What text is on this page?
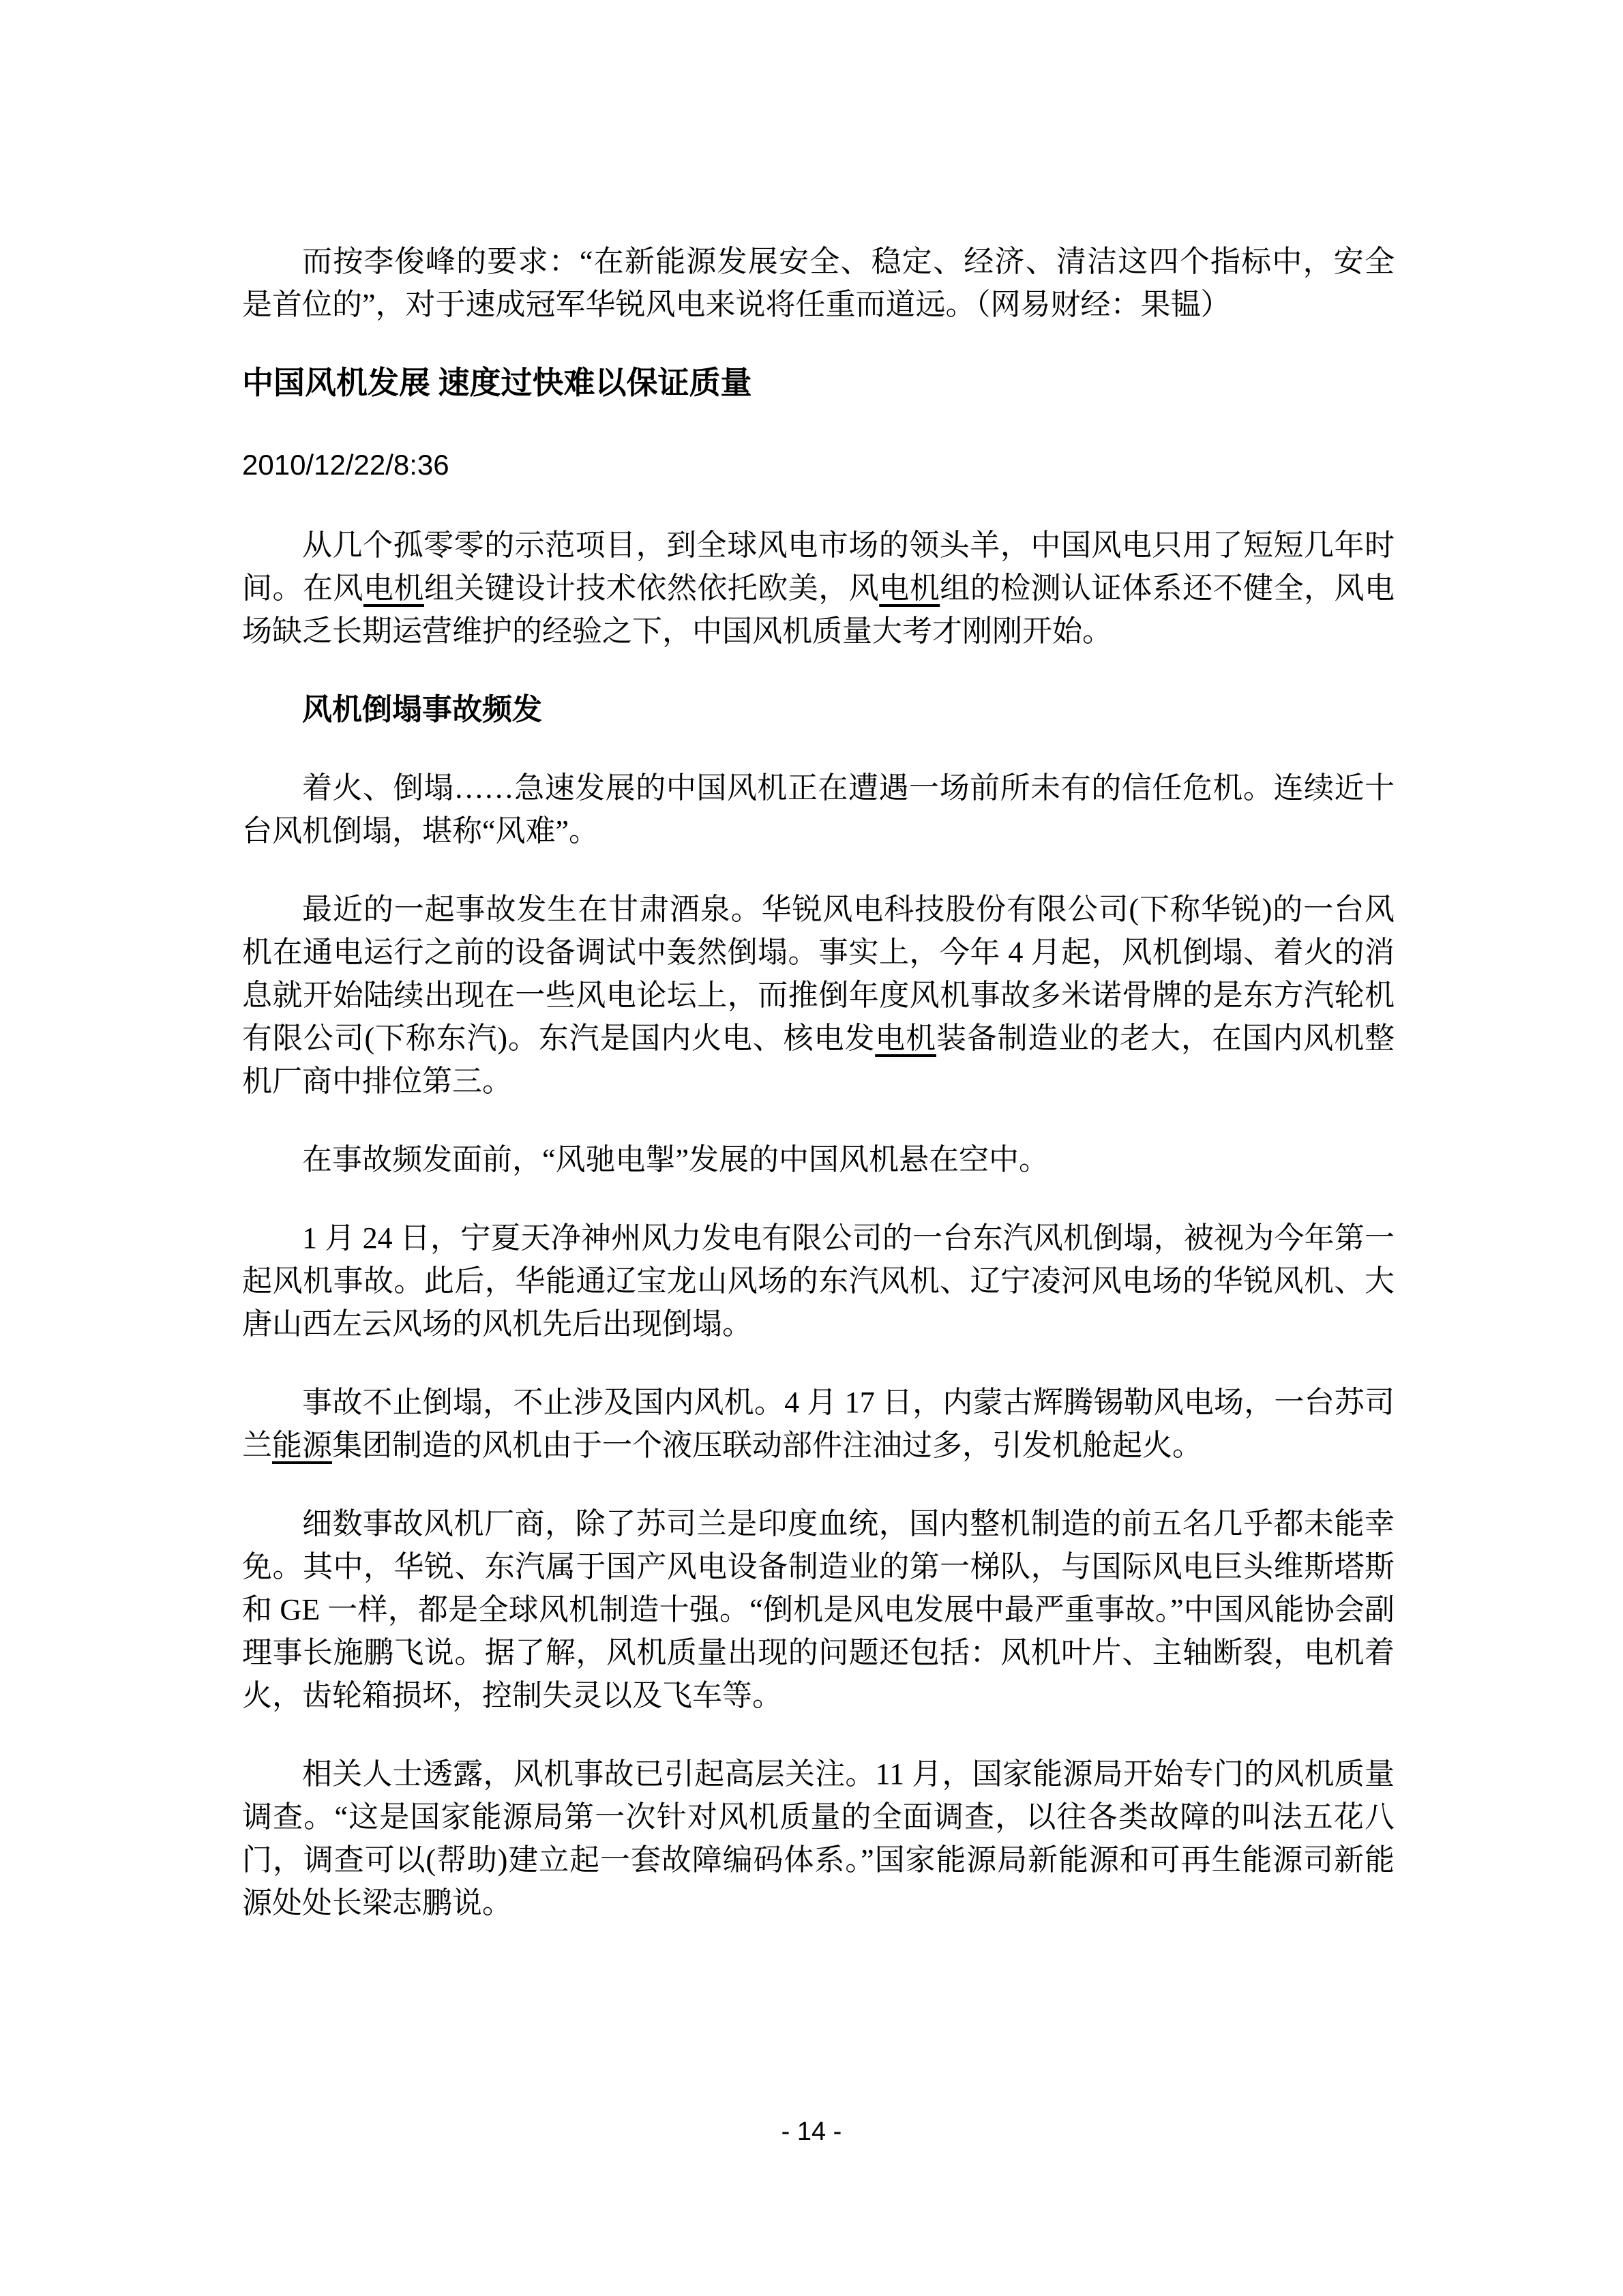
而按李俊峰的要求：“在新能源发展安全、稳定、经济、清洁这四个指标中，安全是首位的”，对于速成冠军华锐风电来说将任重而道远。（网易财经：果韫）

中国风机发展 速度过快难以保证质量

2010/12/22/8:36

从几个孤零零的示范项目，到全球风电市场的领头羊，中国风电只用了短短几年时间。在风电机组关键设计技术依然依托欧美，风电机组的检测认证体系还不健全，风电场缺乏长期运营维护的经验之下，中国风机质量大考才刚刚开始。

风机倒塌事故频发

着火、倒塌……急速发展的中国风机正在遭遇一场前所未有的信任危机。连续近十台风机倒塌，堪称“风难”。

最近的一起事故发生在甘肃酒泉。华锐风电科技股份有限公司(下称华锐)的一台风机在通电运行之前的设备调试中轰然倒塌。事实上，今年 4 月起，风机倒塌、着火的消息就开始陆续出现在一些风电论坛上，而推倒年度风机事故多米诺骨牌的是东方汽轮机有限公司(下称东汽)。东汽是国内火电、核电发电机装备制造业的老大，在国内风机整机厂商中排位第三。

在事故频发面前，“风驰电掣”发展的中国风机悬在空中。

1 月 24 日，宁夏天净神州风力发电有限公司的一台东汽风机倒塌，被视为今年第一起风机事故。此后，华能通辽宝龙山风场的东汽风机、辽宁凌河风电场的华锐风机、大唐山西左云风场的风机先后出现倒塌。

事故不止倒塌，不止涉及国内风机。4 月 17 日，内蒙古辉腾锡勒风电场，一台苏司兰能源集团制造的风机由于一个液压联动部件注油过多，引发机舱起火。

细数事故风机厂商，除了苏司兰是印度血统，国内整机制造的前五名几乎都未能幸免。其中，华锐、东汽属于国产风电设备制造业的第一梯队，与国际风电巨头维斯塔斯和 GE 一样，都是全球风机制造十强。“倒机是风电发展中最严重事故。”中国风能协会副理事长施鹏飞说。据了解，风机质量出现的问题还包括：风机叶片、主轴断裂，电机着火，齿轮箱损坏，控制失灵以及飞车等。

相关人士透露，风机事故已引起高层关注。11 月，国家能源局开始专门的风机质量调查。“这是国家能源局第一次针对风机质量的全面调查，以往各类故障的叫法五花八门，调查可以(帮助)建立起一套故障编码体系。”国家能源局新能源和可再生能源司新能源处处长梁志鹏说。

- 14 -
